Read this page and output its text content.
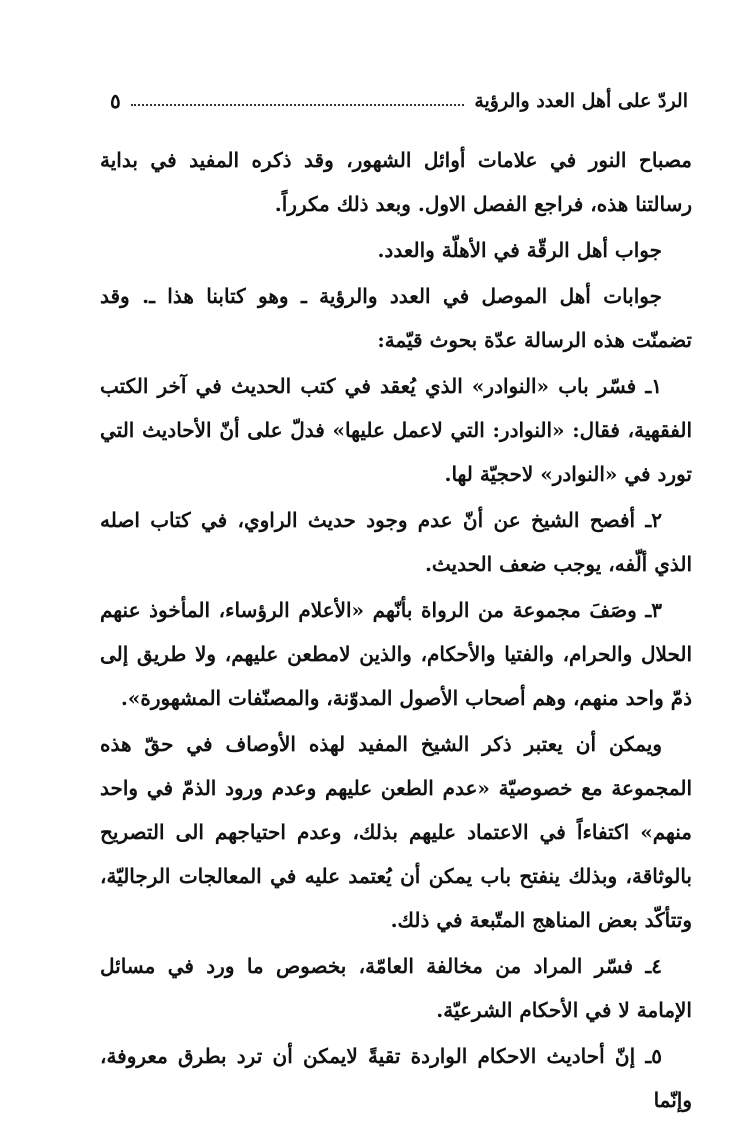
الردّ على أهل العدد والرؤية
٥

مصباح النور في علامات أوائل الشهور، وقد ذكره المفيد في بداية رسالتنا هذه، فراجع الفصل الاول. وبعد ذلك مكرراً.

جواب أهل الرقّة في الأهلّة والعدد.

جوابات أهل الموصل في العدد والرؤية ـ وهو كتابنا هذا ـ. وقد تضمنّت هذه الرسالة عدّة بحوث قيّمة:

١ـ فسّر باب «النوادر» الذي يُعقد في كتب الحديث في آخر الكتب الفقهية، فقال: «النوادر: التي لاعمل عليها» فدلّ على أنّ الأحاديث التي تورد في «النوادر» لاحجيّة لها.

٢ـ أفصح الشيخ عن أنّ عدم وجود حديث الراوي، في كتاب اصله الذي ألّفه، يوجب ضعف الحديث.

٣ـ وصَفَ مجموعة من الرواة بأنّهم «الأعلام الرؤساء، المأخوذ عنهم الحلال والحرام، والفتيا والأحكام، والذين لامطعن عليهم، ولا طريق إلى ذمّ واحد منهم، وهم أصحاب الأصول المدوّنة، والمصنّفات المشهورة».

ويمكن أن يعتبر ذكر الشيخ المفيد لهذه الأوصاف في حقّ هذه المجموعة مع خصوصيّة «عدم الطعن عليهم وعدم ورود الذمّ في واحد منهم» اكتفاءاً في الاعتماد عليهم بذلك، وعدم احتياجهم الى التصريح بالوثاقة، وبذلك ينفتح باب يمكن أن يُعتمد عليه في المعالجات الرجاليّة، وتتأكّد بعض المناهج المتّبعة في ذلك.

٤ـ فسّر المراد من مخالفة العامّة، بخصوص ما ورد في مسائل الإمامة لا في الأحكام الشرعيّة.

٥ـ إنّ أحاديث الاحكام الواردة تقيةً لايمكن أن ترد بطرق معروفة، وإنّما
